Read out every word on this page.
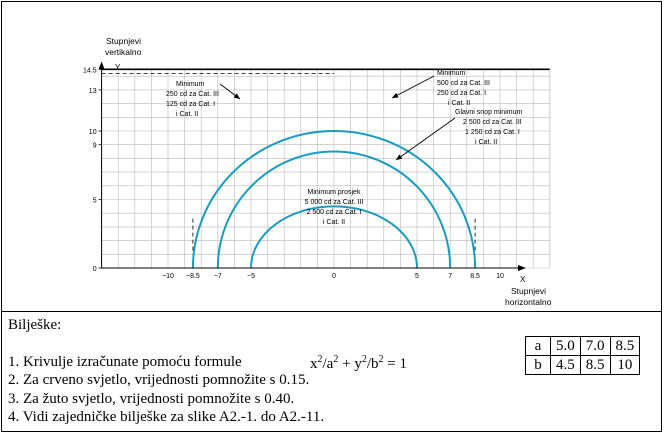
14.5
13
10
9
5
0
−10 −8.5 −7	−5	0	5	7	8.5 10
Stupnjevi
vertikalno
Y
X
Stupnjevi
horizontalno
Minimum
250 cd za Cat. III
125 cd za Cat. I
i Cat. II
Minimum
500 cd za Cat. III
250 cd za Cat. I
i Cat. II
Glavni snop minimum
2 500 cd za Cat. III
1 250 cd za Cat. I
i Cat. II
Minimum prosjek
5 000 cd za Cat. III
2 500 cd za Cat. I
i Cat. II
Bilješke:
1. Krivulje izračunate pomoću formule
2. Za crveno svjetlo, vrijednosti pomnožite s 0.15.
3. Za žuto svjetlo, vrijednosti pomnožite s 0.40.
4. Vidi zajedničke bilješke za slike A2.-1. do A2.-11.
$x^2/a^2 + y^2/b^2 = 1$
a	5.0	7.0	8.5
b	4.5	8.5	10
